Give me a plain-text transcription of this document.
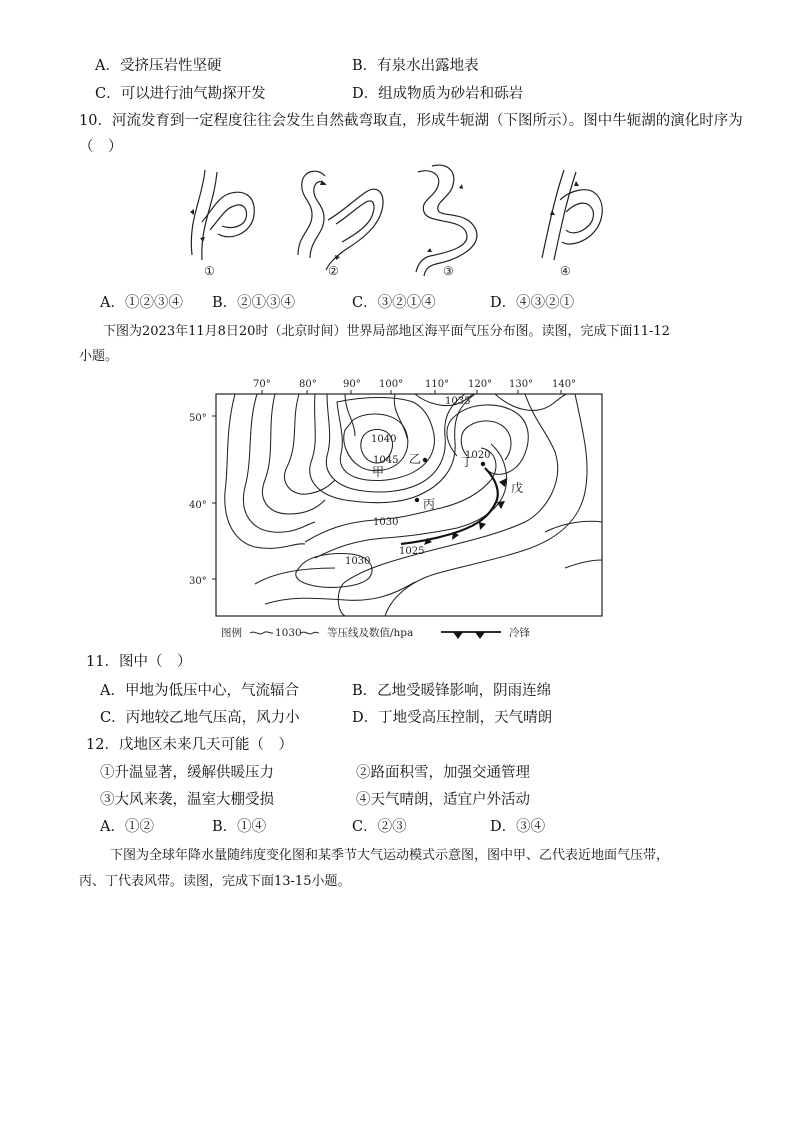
A．受挤压岩性坚硬	B．有泉水出露地表
C．可以进行油气勘探开发	D．组成物质为砂岩和砾岩
10．河流发育到一定程度往往会发生自然截弯取直，形成牛轭湖（下图所示）。图中牛轭湖的演化时序为
（　）
①	②	③	④
A．①②③④ B．②①③④	C．③②①④	D．④③②①
下图为2023年11月8日20时（北京时间）世界局部地区海平面气压分布图。读图，完成下面11-12
小题。
70°	80°	90° 100° 110° 120° 130° 140°
50°
40°
30°
1035
1040
1045
1030
1025
1030
1020
甲
乙
丙
丁
戊
图例	1030 等压线及数值/hpa	冷锋
11．图中（　）
A．甲地为低压中心，气流辐合	B．乙地受暖锋影响，阴雨连绵
C．丙地较乙地气压高，风力小	D．丁地受高压控制，天气晴朗
12．戊地区未来几天可能（　）
①升温显著，缓解供暖压力	②路面积雪，加强交通管理
③大风来袭，温室大棚受损	④天气晴朗，适宜户外活动
A．①②	B．①④	C．②③	D．③④
下图为全球年降水量随纬度变化图和某季节大气运动模式示意图，图中甲、乙代表近地面气压带，
丙、丁代表风带。读图，完成下面13-15小题。
